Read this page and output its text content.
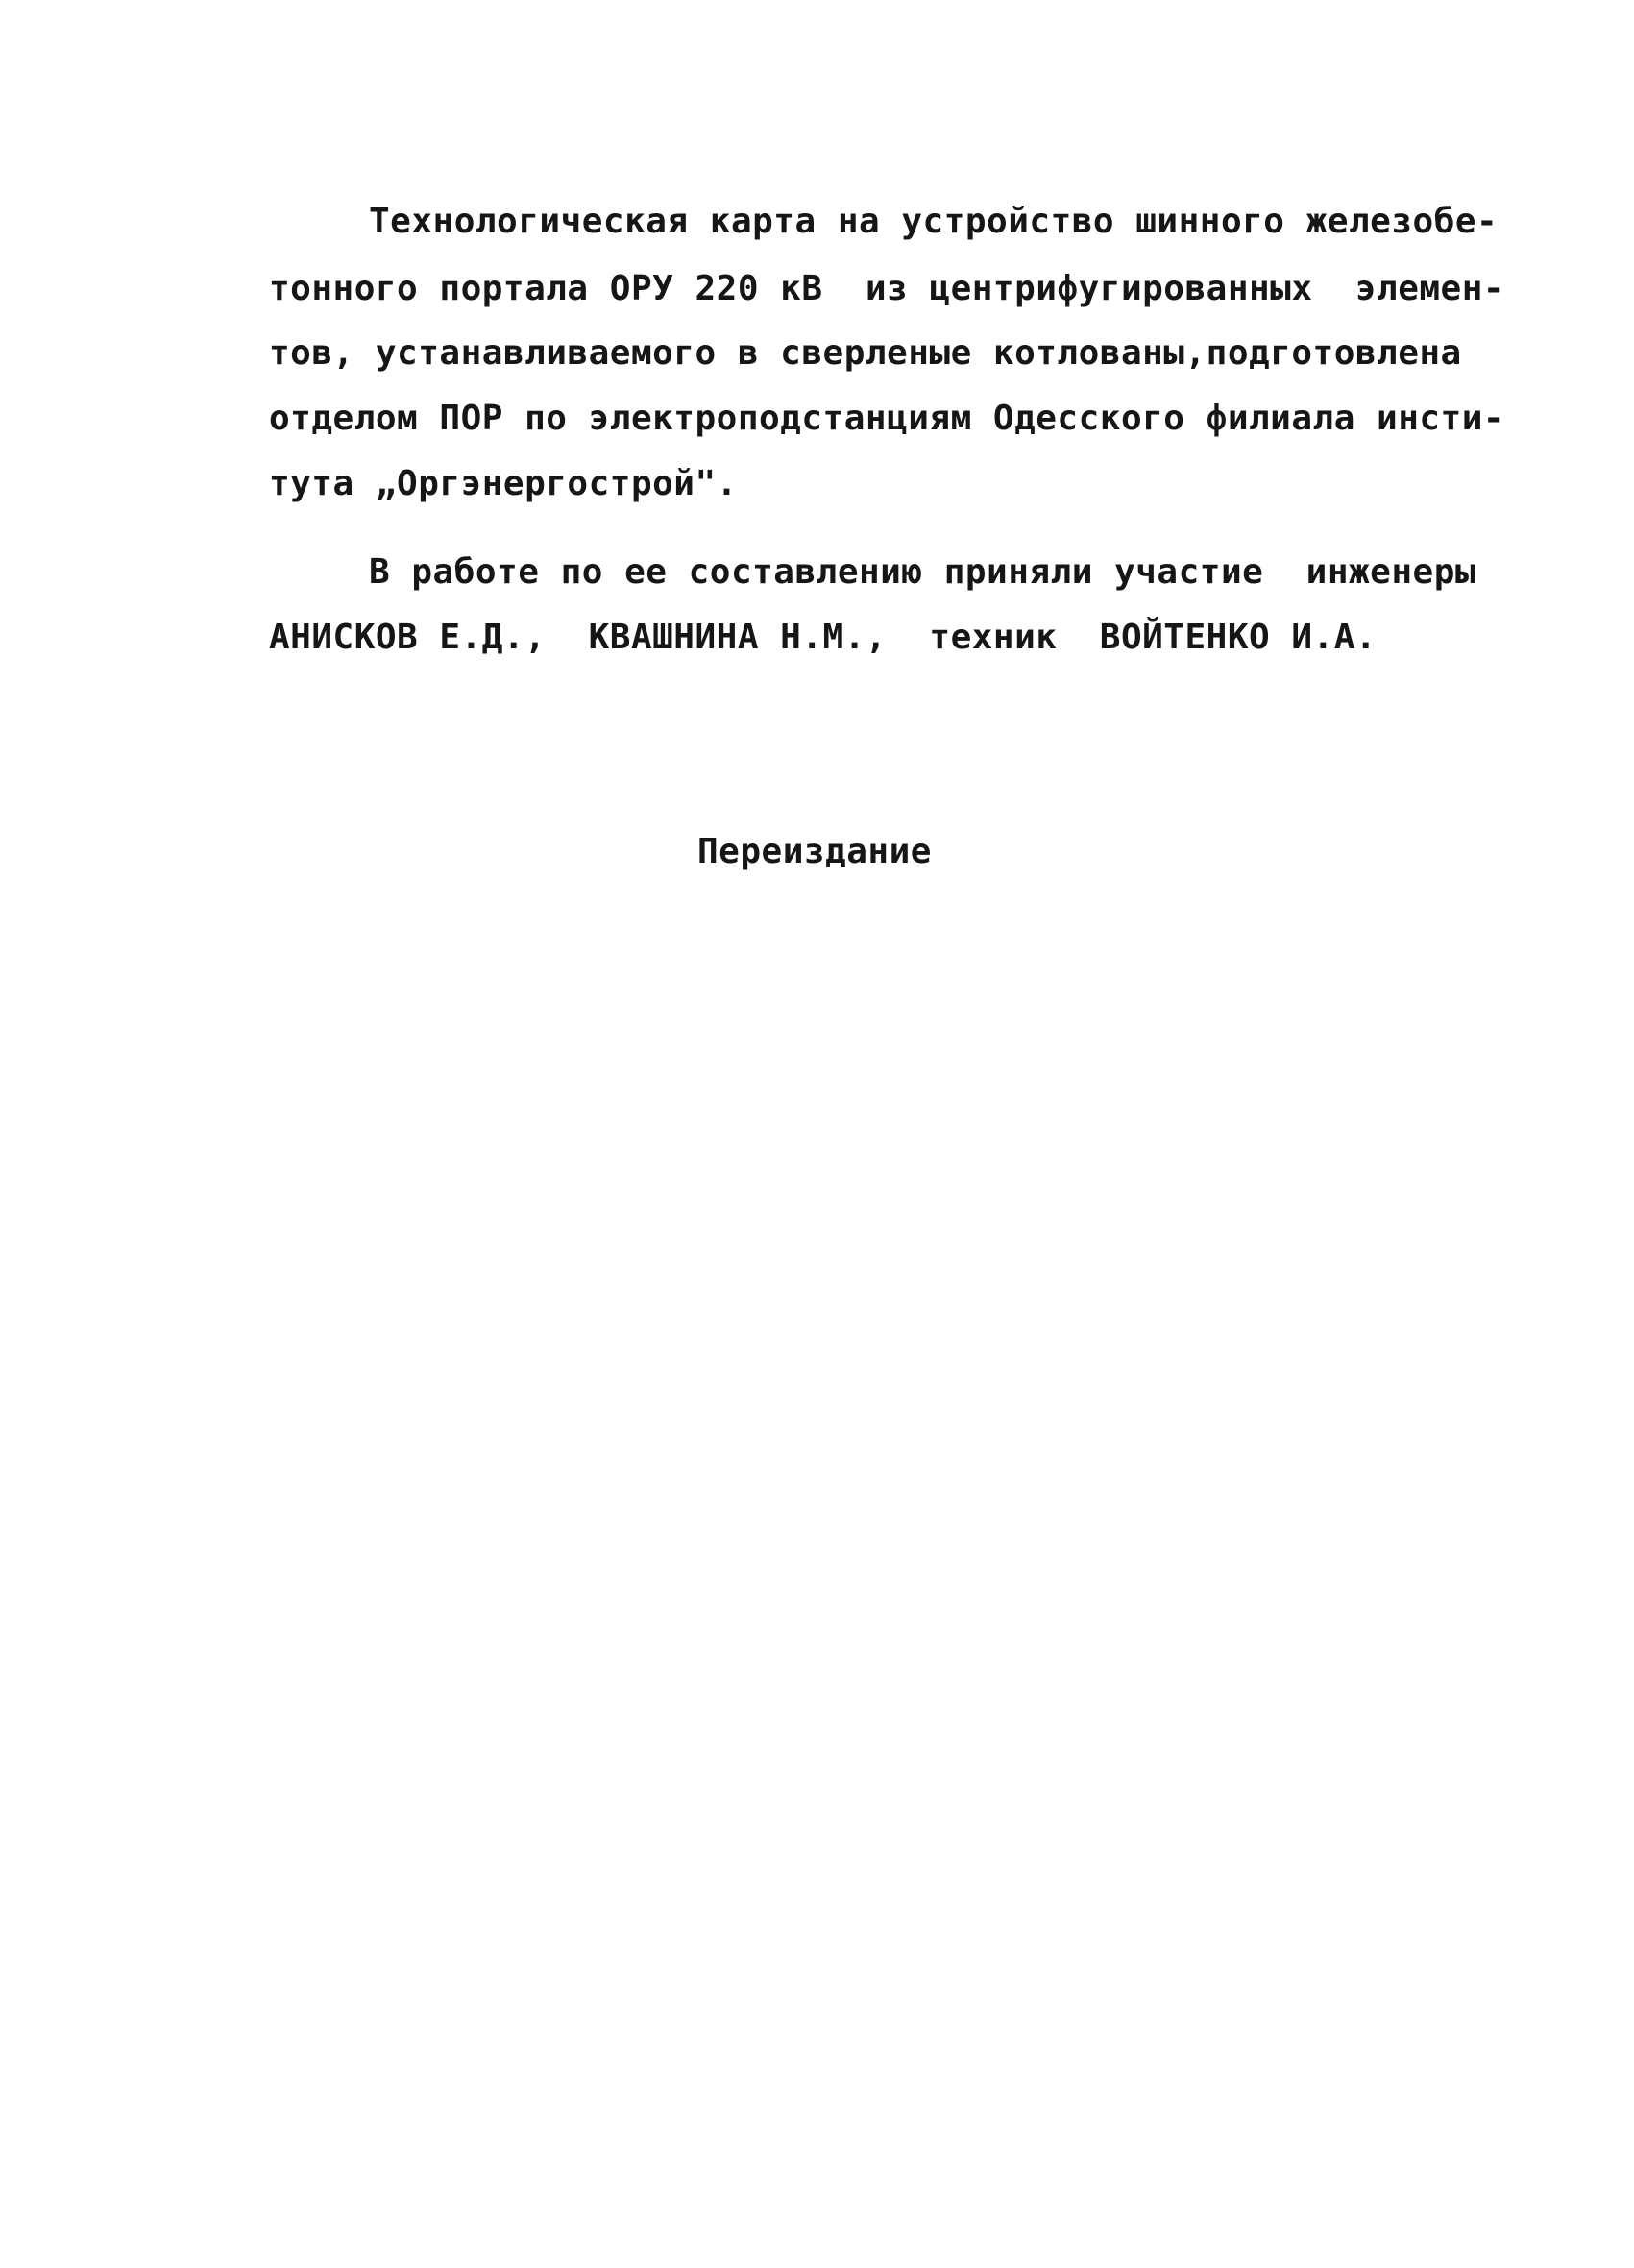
Технологическая карта на устройство шинного железобе-

тонного портала ОРУ 220 кВ  из центрифугированных  элемен-

тов, устанавливаемого в сверленые котлованы,подготовлена

отделом ПОР по электроподстанциям Одесского филиала инсти-

тута „Оргэнергострой".

В работе по ее составлению приняли участие  инженеры

АНИСКОВ Е.Д.,  КВАШНИНА Н.М.,  техник  ВОЙТЕНКО И.А.

Переиздание
